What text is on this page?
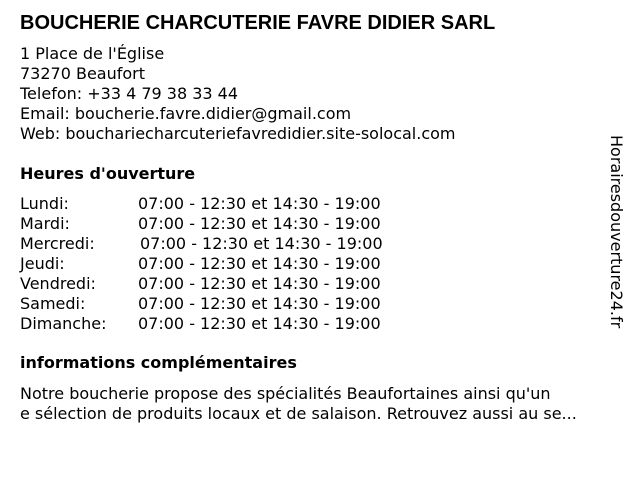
BOUCHERIE CHARCUTERIE FAVRE DIDIER SARL
1 Place de l'Église
73270 Beaufort
Telefon: +33 4 79 38 33 44
Email: boucherie.favre.didier@gmail.com
Web: bouchariecharcuteriefavredidier.site-solocal.com
Heures d'ouverture
Lundi:	07:00 - 12:30 et 14:30 - 19:00
Mardi:	07:00 - 12:30 et 14:30 - 19:00
Mercredi:	07:00 - 12:30 et 14:30 - 19:00
Jeudi:	07:00 - 12:30 et 14:30 - 19:00
Vendredi:	07:00 - 12:30 et 14:30 - 19:00
Samedi:	07:00 - 12:30 et 14:30 - 19:00
Dimanche: 07:00 - 12:30 et 14:30 - 19:00
informations complémentaires
Notre boucherie propose des spécialités Beaufortaines ainsi qu'un
e sélection de produits locaux et de salaison. Retrouvez aussi au se...
Horairesdouverture24.fr
